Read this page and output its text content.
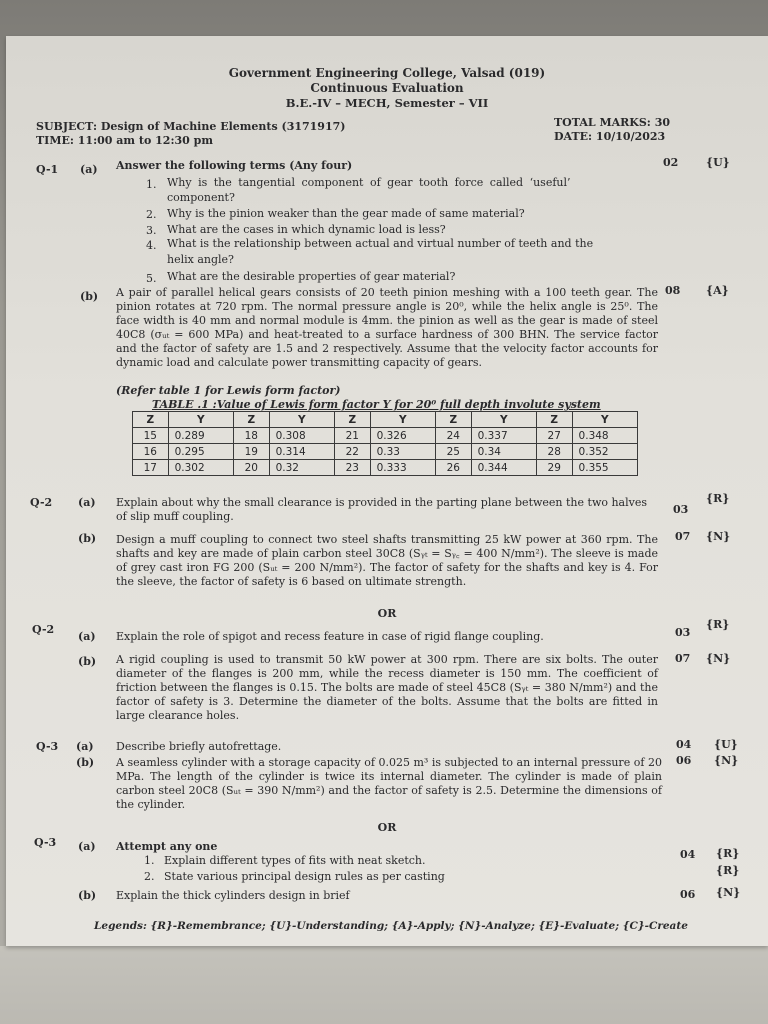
Government Engineering College, Valsad (019)
Continuous Evaluation
B.E.-IV – MECH, Semester – VII
SUBJECT: Design of Machine Elements (3171917)
TIME: 11:00 am to 12:30 pm
TOTAL MARKS: 30
DATE: 10/10/2023
Q-1 (a) Answer the following terms (Any four)	02	{U}
1. Why is the tangential component of gear tooth force called ‘useful’
component?
2. Why is the pinion weaker than the gear made of same material?
3. What are the cases in which dynamic load is less?
4. What is the relationship between actual and virtual number of teeth and the
helix angle?
5. What are the desirable properties of gear material?
(b) A pair of parallel helical gears consists of 20 teeth pinion meshing with a 100 teeth gear. The pinion rotates at 720 rpm. The normal pressure angle is 20⁰, while the helix angle is 25⁰. The face width is 40 mm and normal module is 4mm. the pinion as well as the gear is made of steel 40C8 (σᵤₜ = 600 MPa) and heat-treated to a surface hardness of 300 BHN. The service factor and the factor of safety are 1.5 and 2 respectively. Assume that the velocity factor accounts for dynamic load and calculate power transmitting capacity of gears.
08 {A}
(Refer table 1 for Lewis form factor)
TABLE .1 :Value of Lewis form factor Y for 20⁰ full depth involute system
Z	Y	Z	Y	Z	Y	Z	Y	Z	Y
15	0.289	18	0.308	21	0.326	24	0.337	27	0.348
16	0.295	19	0.314	22	0.33	25	0.34	28	0.352
17	0.302	20	0.32	23	0.333	26	0.344	29	0.355
Q-2 (a) Explain about why the small clearance is provided in the parting plane between the two halves of slip muff coupling.
03
{R}
(b) Design a muff coupling to connect two steel shafts transmitting 25 kW power at 360 rpm. The shafts and key are made of plain carbon steel 30C8 (Sᵧₜ = Sᵧ꜀ = 400 N/mm²). The sleeve is made of grey cast iron FG 200 (Sᵤₜ = 200 N/mm²). The factor of safety for the shafts and key is 4. For the sleeve, the factor of safety is 6 based on ultimate strength.
07 {N}
OR
Q-2
(a) Explain the role of spigot and recess feature in case of rigid flange coupling.	03
{R}
(b) A rigid coupling is used to transmit 50 kW power at 300 rpm. There are six bolts. The outer diameter of the flanges is 200 mm, while the recess diameter is 150 mm. The coefficient of friction between the flanges is 0.15. The bolts are made of steel 45C8 (Sᵧₜ = 380 N/mm²) and the factor of safety is 3. Determine the diameter of the bolts. Assume that the bolts are fitted in large clearance holes.
07 {N}
Q-3 (a) Describe briefly autofrettage.	04 {U}
(b) A seamless cylinder with a storage capacity of 0.025 m³ is subjected to an internal pressure of 20 MPa. The length of the cylinder is twice its internal diameter. The cylinder is made of plain carbon steel 20C8 (Sᵤₜ = 390 N/mm²) and the factor of safety is 2.5. Determine the dimensions of the cylinder.
06 {N}
OR
Q-3 (a) Attempt any one
04
1. Explain different types of fits with neat sketch.
{R}
2. State various principal design rules as per casting	{R}
(b) Explain the thick cylinders design in brief	06 {N}
Legends: {R}-Remembrance; {U}-Understanding; {A}-Apply; {N}-Analyze; {E}-Evaluate; {C}-Create
